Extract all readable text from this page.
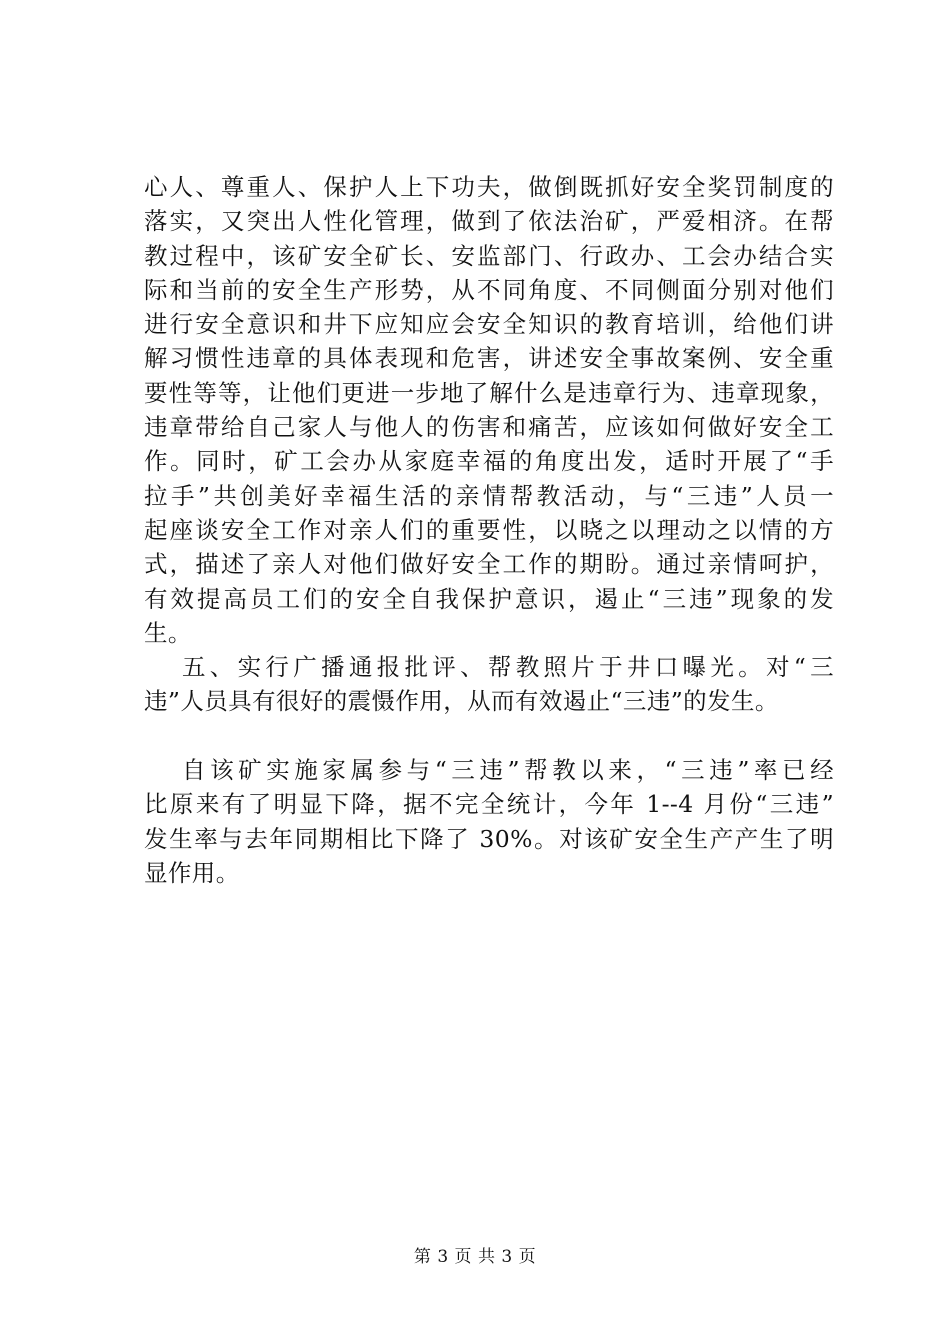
心人、尊重人、保护人上下功夫，做倒既抓好安全奖罚制度的
落实，又突出人性化管理，做到了依法治矿，严爱相济。在帮
教过程中，该矿安全矿长、安监部门、行政办、工会办结合实
际和当前的安全生产形势，从不同角度、不同侧面分别对他们
进行安全意识和井下应知应会安全知识的教育培训，给他们讲
解习惯性违章的具体表现和危害，讲述安全事故案例、安全重
要性等等，让他们更进一步地了解什么是违章行为、违章现象，
违章带给自己家人与他人的伤害和痛苦，应该如何做好安全工
作。同时，矿工会办从家庭幸福的角度出发，适时开展了“手
拉手”共创美好幸福生活的亲情帮教活动，与“三违”人员一
起座谈安全工作对亲人们的重要性，以晓之以理动之以情的方
式，描述了亲人对他们做好安全工作的期盼。通过亲情呵护，
有效提高员工们的安全自我保护意识，遏止“三违”现象的发
生。
五、实行广播通报批评、帮教照片于井口曝光。对“三
违”人员具有很好的震慑作用，从而有效遏止“三违”的发生。
自该矿实施家属参与“三违”帮教以来，“三违”率已经
比原来有了明显下降，据不完全统计，今年 1--4 月份“三违”
发生率与去年同期相比下降了 30%。对该矿安全生产产生了明
显作用。
第 3 页 共 3 页
